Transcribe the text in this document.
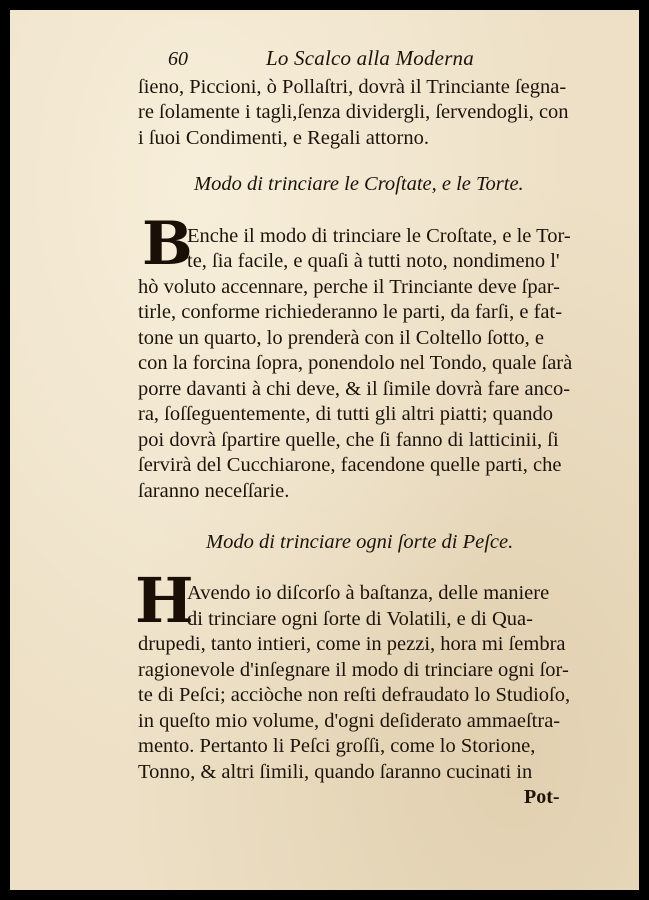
60	Lo Scalco alla Moderna
ſieno, Piccioni, ò Pollaſtri, dovrà il Trinciante ſegna-
re ſolamente i tagli,ſenza dividergli, ſervendogli, con
i ſuoi Condimenti, e Regali attorno.
Modo di trinciare le Croſtate, e le Torte.
B
Enche il modo di trinciare le Croſtate, e le Tor-
te, ſia facile, e quaſi à tutti noto, nondimeno l'
hò voluto accennare, perche il Trinciante deve ſpar-
tirle, conforme richiederanno le parti, da farſi, e fat-
tone un quarto, lo prenderà con il Coltello ſotto, e
con la forcina ſopra, ponendolo nel Tondo, quale ſarà
porre davanti à chi deve, & il ſimile dovrà fare anco-
ra, ſoſſeguentemente, di tutti gli altri piatti; quando
poi dovrà ſpartire quelle, che ſi fanno di latticinii, ſi
ſervirà del Cucchiarone, facendone quelle parti, che
ſaranno neceſſarie.
Modo di trinciare ogni ſorte di Peſce.
H
Avendo io diſcorſo à baſtanza, delle maniere
di trinciare ogni ſorte di Volatili, e di Qua-
drupedi, tanto intieri, come in pezzi, hora mi ſembra
ragionevole d'inſegnare il modo di trinciare ogni ſor-
te di Peſci; acciòche non reſti defraudato lo Studioſo,
in queſto mio volume, d'ogni deſiderato ammaeſtra-
mento. Pertanto li Peſci groſſi, come lo Storione,
Tonno, & altri ſimili, quando ſaranno cucinati in
Pot-
